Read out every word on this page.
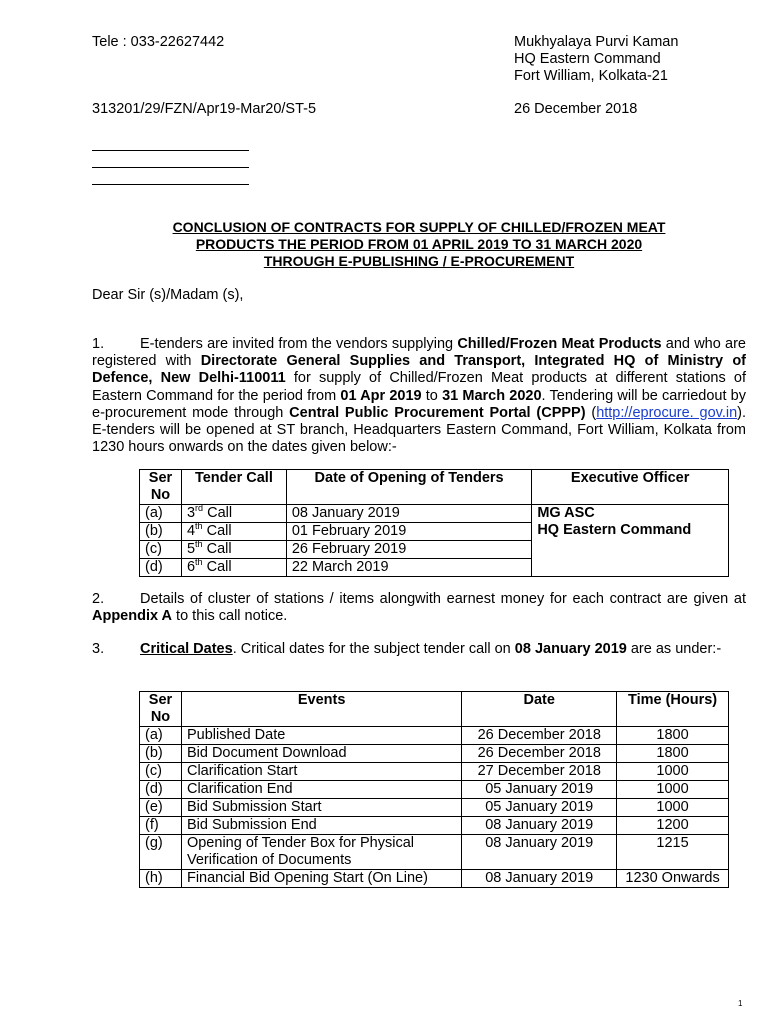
Tele : 033-22627442	Mukhyalaya Purvi Kaman
HQ Eastern Command
Fort William, Kolkata-21
313201/29/FZN/Apr19-Mar20/ST-5	26 December 2018
CONCLUSION OF CONTRACTS FOR SUPPLY OF CHILLED/FROZEN MEAT
PRODUCTS THE PERIOD FROM 01 APRIL 2019 TO 31 MARCH 2020
THROUGH E-PUBLISHING / E-PROCUREMENT
Dear Sir (s)/Madam (s),
1. E-tenders are invited from the vendors supplying Chilled/Frozen Meat Products and who are registered with Directorate General Supplies and Transport, Integrated HQ of Ministry of Defence, New Delhi-110011 for supply of Chilled/Frozen Meat products at different stations of Eastern Command for the period from 01 Apr 2019 to 31 March 2020. Tendering will be carriedout by e-procurement mode through Central Public Procurement Portal (CPPP) (http://eprocure. gov.in). E-tenders will be opened at ST branch, Headquarters Eastern Command, Fort William, Kolkata from 1230 hours onwards on the dates given below:-
Ser No	Tender Call	Date of Opening of Tenders	Executive Officer
(a)	3rd Call	08 January 2019	MG ASC
HQ Eastern Command

(b)	4th Call	01 February 2019	
(c)	5th Call	26 February 2019	
(d)	6th Call	22 March 2019	
2. Details of cluster of stations / items alongwith earnest money for each contract are given at Appendix A to this call notice.
3. Critical Dates. Critical dates for the subject tender call on 08 January 2019 are as under:-
Ser No	Events	Date	Time (Hours)
(a)	Published Date	26 December 2018	1800
(b)	Bid Document Download	26 December 2018	1800
(c)	Clarification Start	27 December 2018	1000
(d)	Clarification End	05 January 2019	1000
(e)	Bid Submission Start	05 January 2019	1000
(f)	Bid Submission End	08 January 2019	1200
(g)	Opening of Tender Box for Physical Verification of Documents	08 January 2019	1215
(h)	Financial Bid Opening Start (On Line)	08 January 2019	1230 Onwards
1
